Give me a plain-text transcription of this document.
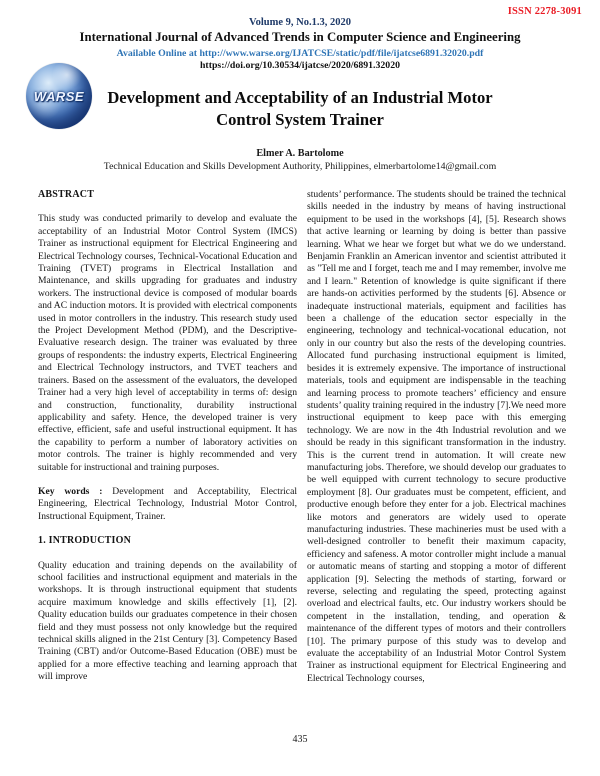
ISSN 2278-3091
Volume 9, No.1.3, 2020
International Journal of Advanced Trends in Computer Science and Engineering
Available Online at http://www.warse.org/IJATCSE/static/pdf/file/ijatcse6891.32020.pdf
https://doi.org/10.30534/ijatcse/2020/6891.32020
WARSE	Development and Acceptability of an Industrial Motor
Control System Trainer
Elmer A. Bartolome
Technical Education and Skills Development Authority, Philippines, elmerbartolome14@gmail.com
ABSTRACT
This study was conducted primarily to develop and evaluate the acceptability of an Industrial Motor Control System (IMCS) Trainer as instructional equipment for Electrical Engineering and Electrical Technology courses, Technical-Vocational Education and Training (TVET) programs in Electrical Installation and Maintenance, and skills upgrading for graduates and industry workers. The instructional device is composed of modular boards and AC induction motors. It is provided with electrical components used in motor controllers in the industry. This research study used the Project Development Method (PDM), and the Descriptive-Evaluative research design. The trainer was evaluated by three groups of respondents: the industry experts, Electrical Engineering and Electrical Technology instructors, and TVET teachers and trainers. Based on the assessment of the evaluators, the developed Trainer had a very high level of acceptability in terms of: design and construction, functionality, durability instructional applicability and safety. Hence, the developed trainer is very effective, efficient, safe and useful instructional equipment. It has the capability to perform a number of laboratory activities on motor controls. The trainer is highly recommended and very suitable for instructional and training purposes.
Key words : Development and Acceptability, Electrical Engineering, Electrical Technology, Industrial Motor Control, Instructional Equipment, Trainer.
1. INTRODUCTION
Quality education and training depends on the availability of school facilities and instructional equipment and materials in the workshops. It is through instructional equipment that students acquire maximum knowledge and skills effectively [1], [2]. Quality education builds our graduates competence in their chosen field and they must possess not only knowledge but the required technical skills aligned in the 21st Century [3]. Competency Based Training (CBT) and/or Outcome-Based Education (OBE) must be applied for a more effective teaching and learning approach that will improve
students’ performance. The students should be trained the technical skills needed in the industry by means of having instructional equipment to be used in the workshops [4], [5]. Research shows that active learning or learning by doing is better than passive learning. What we hear we forget but what we do we understand. Benjamin Franklin an American inventor and scientist attributed it as "Tell me and I forget, teach me and I may remember, involve me and I learn." Retention of knowledge is quite significant if there are hands-on activities performed by the students [6]. Absence or inadequate instructional materials, equipment and facilities has been a challenge of the education sector especially in the engineering, technology and technical-vocational education, not only in our country but also the rests of the developing countries. Allocated fund purchasing instructional equipment is limited, besides it is extremely expensive. The importance of instructional materials, tools and equipment are indispensable in the teaching and learning process to promote teachers’ efficiency and ensure students’ quality training required in the industry [7].We need more instructional equipment to keep pace with this emerging technology. We are now in the 4th Industrial revolution and we should be ready in this significant transformation in the industry. This is the current trend in automation. It will create new manufacturing jobs. Therefore, we should develop our graduates to be well equipped with current technology to secure productive employment [8]. Our graduates must be competent, efficient, and productive enough before they enter for a job. Electrical machines like motors and generators are widely used to operate manufacturing industries. These machineries must be used with a well-designed controller to benefit their maximum capacity, efficiency and safeness. A motor controller might include a manual or automatic means of starting and stopping a motor of different application [9]. Selecting the methods of starting, forward or reverse, selecting and regulating the speed, protecting against overload and electrical faults, etc. Our industry workers should be competent in the installation, tending, and operation & maintenance of the different types of motors and their controllers [10]. The primary purpose of this study was to develop and evaluate the acceptability of an Industrial Motor Control System Trainer as instructional equipment for Electrical Engineering and Electrical Technology courses,
435
